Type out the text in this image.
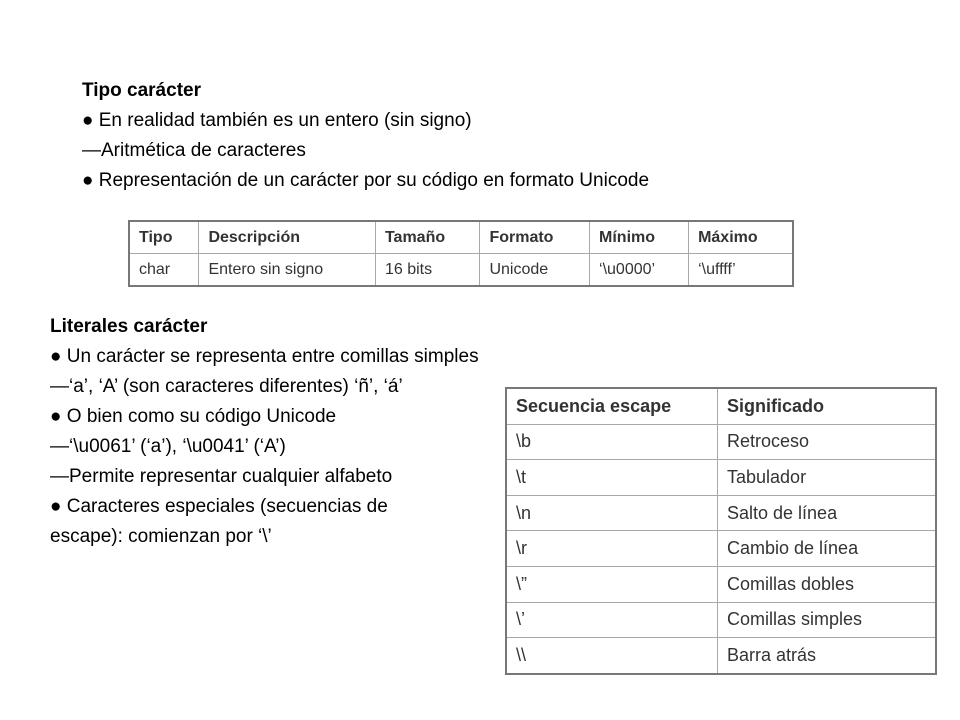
Tipo carácter
● En realidad también es un entero (sin signo)
—Aritmética de caracteres
● Representación de un carácter por su código en formato Unicode
Tipo	Descripción	Tamaño	Formato	Mínimo	Máximo
char	Entero sin signo	16 bits	Unicode	‘\u0000’	‘\uffff’
Literales carácter
● Un carácter se representa entre comillas simples
—‘a’, ‘A’ (son caracteres diferentes) ‘ñ’, ‘á’
● O bien como su código Unicode
—‘\u0061’ (‘a’), ‘\u0041’ (‘A’)
—Permite representar cualquier alfabeto
● Caracteres especiales (secuencias de
escape): comienzan por ‘\’
Secuencia escape	Significado
\b	Retroceso
\t	Tabulador
\n	Salto de línea
\r	Cambio de línea
\”	Comillas dobles
\’	Comillas simples
\\	Barra atrás
